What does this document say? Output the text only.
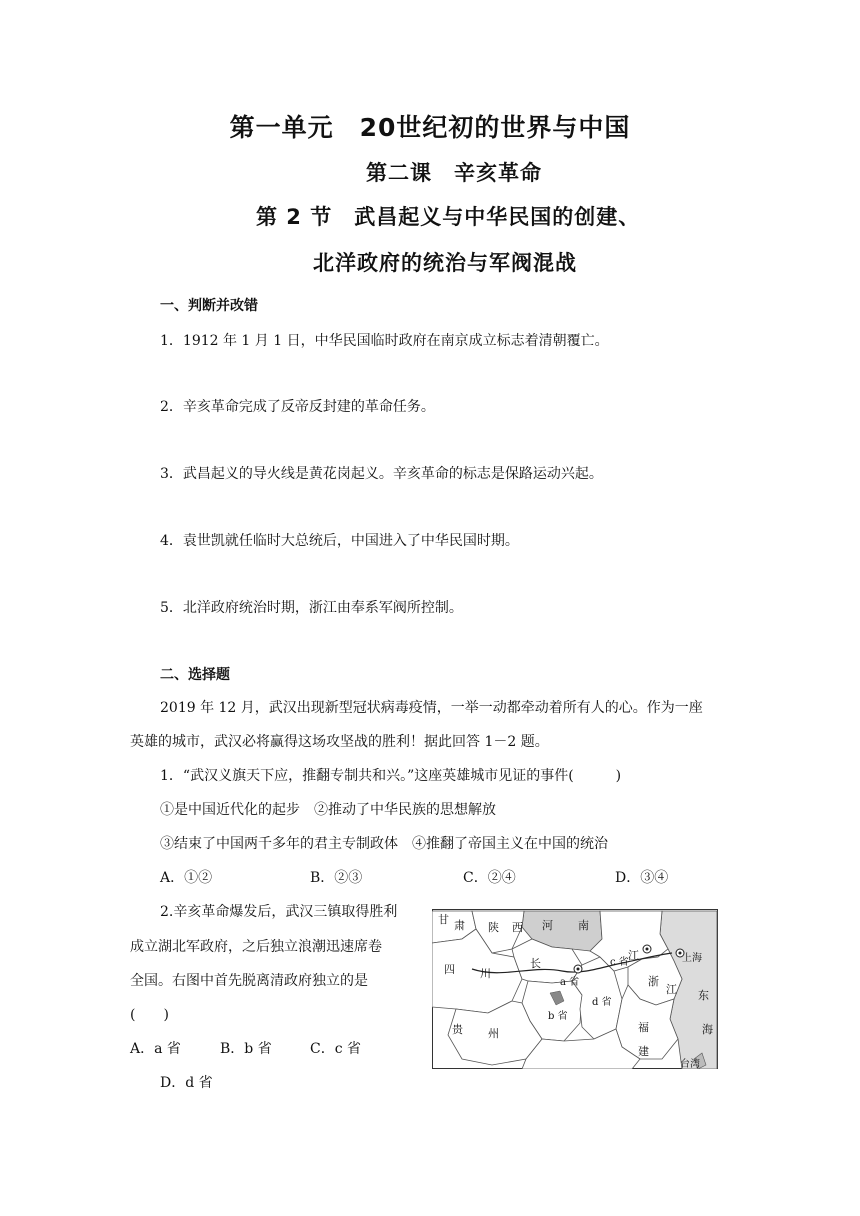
第一单元　20世纪初的世界与中国
第二课　辛亥革命
第 2 节　武昌起义与中华民国的创建、
北洋政府的统治与军阀混战
一、判断并改错
1．1912 年 1 月 1 日，中华民国临时政府在南京成立标志着清朝覆亡。
2．辛亥革命完成了反帝反封建的革命任务。
3．武昌起义的导火线是黄花岗起义。辛亥革命的标志是保路运动兴起。
4．袁世凯就任临时大总统后，中国进入了中华民国时期。
5．北洋政府统治时期，浙江由奉系军阀所控制。
二、选择题
2019 年 12 月，武汉出现新型冠状病毒疫情，一举一动都牵动着所有人的心。作为一座
英雄的城市，武汉必将赢得这场攻坚战的胜利！据此回答 1－2 题。
1．“武汉义旗天下应，推翻专制共和兴。”这座英雄城市见证的事件(　　　)
①是中国近代化的起步　②推动了中华民族的思想解放
③结束了中国两千多年的君主专制政体　④推翻了帝国主义在中国的统治
A．①②	B．②③	C．②④	D．③④
2.辛亥革命爆发后，武汉三镇取得胜利
成立湖北军政府，之后独立浪潮迅速席卷
全国。右图中首先脱离清政府独立的是
(　　)
A．a 省	B．b 省	C．c 省
D．d 省
甘 肃 陕 西 河 南
四 川
长
a 省
c 省
江	上海
b 省
d 省
浙
江 东
海
福
建
贵 州
台湾
